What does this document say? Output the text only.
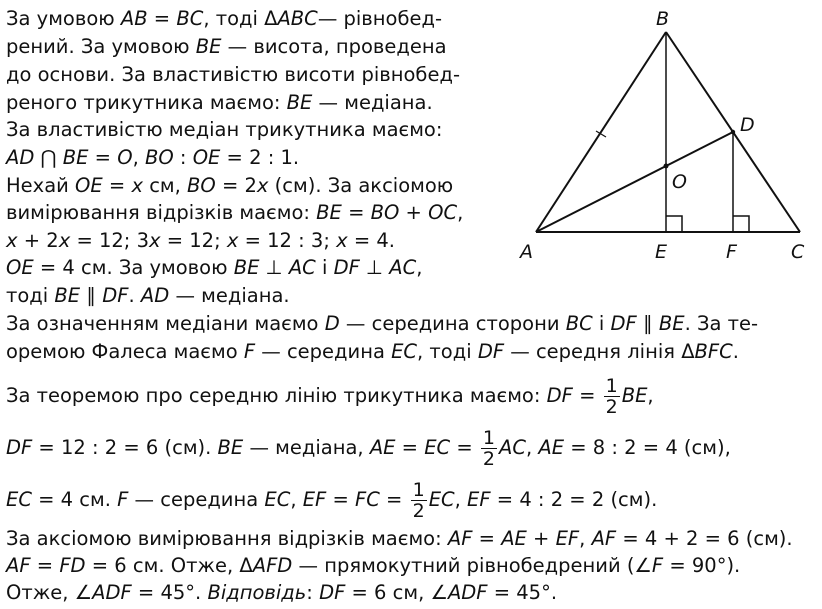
За умовою AB = BC, тоді ΔABC— рівнобед-
рений. За умовою BE — висота, проведена
до основи. За властивістю висоти рівнобед-
реного трикутника маємо: BE — медіана.
За властивістю медіан трикутника маємо:
AD ⋂ BE = O, BO : OE = 2 : 1.
Нехай OE = x см, BO = 2x (см). За аксіомою
вимірювання відрізків маємо: BE = BO + OC,
x + 2x = 12; 3x = 12; x = 12 : 3; x = 4.
OE = 4 см. За умовою BE ⊥ AC і DF ⊥ AC,
тоді BE ∥ DF. AD — медіана.
За означенням медіани маємо D — середина сторони BC і DF ∥ BE. За те-
оремою Фалеса маємо F — середина EC, тоді DF — середня лінія ΔBFC.
За теоремою про середню лінію трикутника маємо: DF = $\frac{1}{2}$ BE,
DF = 12 : 2 = 6 (см). BE — медіана, AE = EC = $\frac{1}{2}$ AC, AE = 8 : 2 = 4 (см),
EC = 4 см. F — середина EC, EF = FC = $\frac{1}{2}$ EC, EF = 4 : 2 = 2 (см).
За аксіомою вимірювання відрізків маємо: AF = AE + EF, AF = 4 + 2 = 6 (см).
AF = FD = 6 см. Отже, ΔAFD — прямокутний рівнобедрений (∠F = 90°).
Отже, ∠ADF = 45°. Відповідь: DF = 6 см, ∠ADF = 45°.
B
D
O
A	E	F	C
